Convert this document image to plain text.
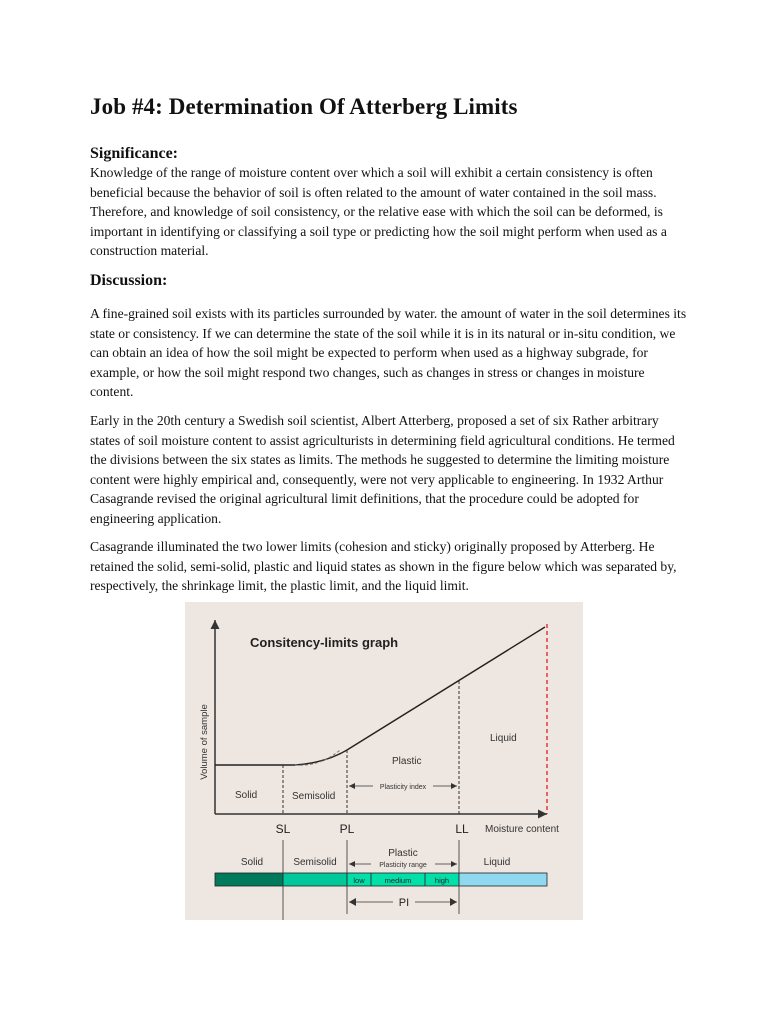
Job #4: Determination Of Atterberg Limits
Significance:

Knowledge of the range of moisture content over which a soil will exhibit a certain consistency is often beneficial because the behavior of soil is often related to the amount of water contained in the soil mass. Therefore, and knowledge of soil consistency, or the relative ease with which the soil can be deformed, is important in identifying or classifying a soil type or predicting how the soil might perform when used as a construction material.

Discussion:

A fine-grained soil exists with its particles surrounded by water. the amount of water in the soil determines its state or consistency. If we can determine the state of the soil while it is in its natural or in-situ condition, we can obtain an idea of how the soil might be expected to perform when used as a highway subgrade, for example, or how the soil might respond two changes, such as changes in stress or changes in moisture content.

Early in the 20th century a Swedish soil scientist, Albert Atterberg, proposed a set of six Rather arbitrary states of soil moisture content to assist agriculturists in determining field agricultural conditions. He termed the divisions between the six states as limits. The methods he suggested to determine the limiting moisture content were highly empirical and, consequently, were not very applicable to engineering. In 1932 Arthur Casagrande revised the original agricultural limit definitions, that the procedure could be adopted for engineering application.

Casagrande illuminated the two lower limits (cohesion and sticky) originally proposed by Atterberg. He retained the solid, semi-solid, plastic and liquid states as shown in the figure below which was separated by, respectively, the shrinkage limit, the plastic limit, and the liquid limit.

Consitency-limits graph
Volume of sample
Solid	Semisolid
Plastic
Liquid
Plasticity index
SL	PL	LL Moisture content
Plastic
Solid	Semisolid	Liquid
Plasticity range
low	medium	high
PI
